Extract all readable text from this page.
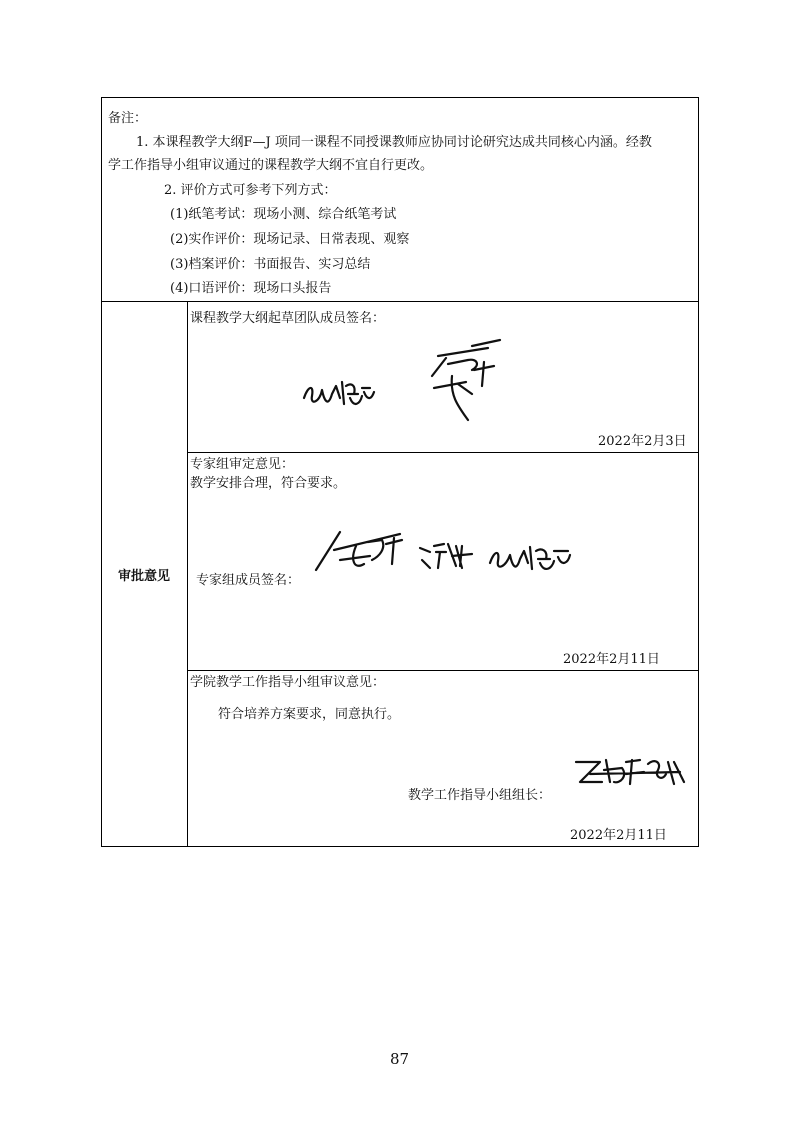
备注：
1. 本课程教学大纲F—J 项同一课程不同授课教师应协同讨论研究达成共同核心内涵。经教
学工作指导小组审议通过的课程教学大纲不宜自行更改。
2. 评价方式可参考下列方式：
(1)纸笔考试：现场小测、综合纸笔考试
(2)实作评价：现场记录、日常表现、观察
(3)档案评价：书面报告、实习总结
(4)口语评价：现场口头报告
审批意见
课程教学大纲起草团队成员签名：
2022年2月3日
专家组审定意见：
教学安排合理，符合要求。
专家组成员签名：
2022年2月11日
学院教学工作指导小组审议意见：
符合培养方案要求，同意执行。
教学工作指导小组组长：
2022年2月11日
87
